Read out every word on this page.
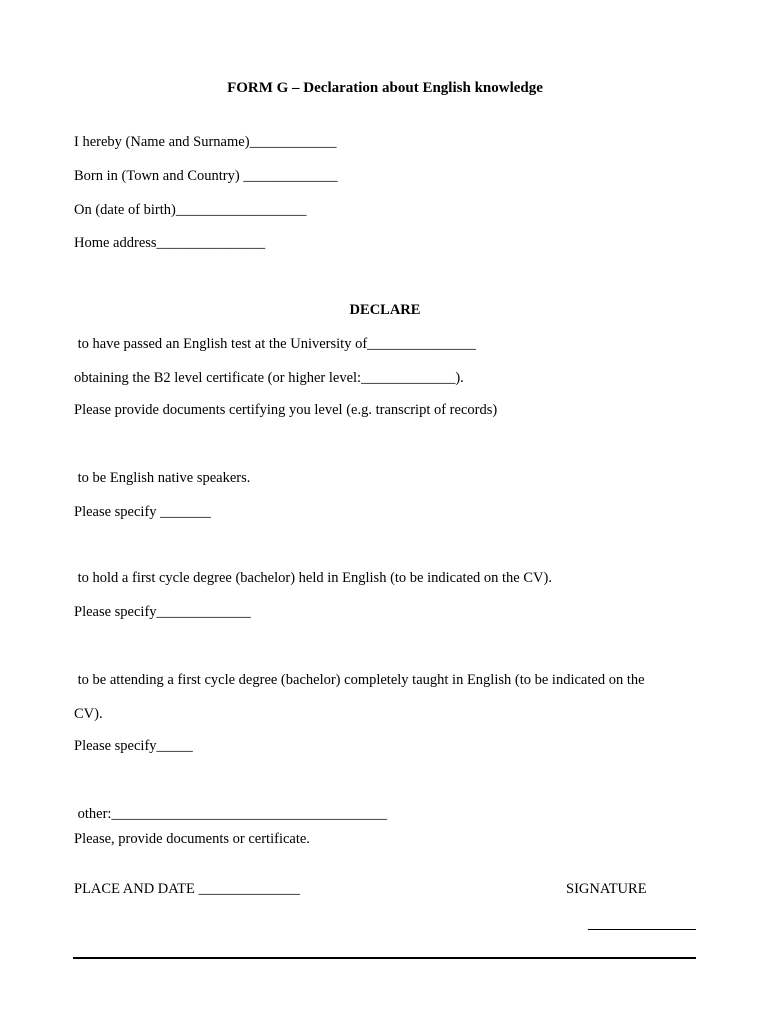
FORM G – Declaration about English knowledge
I hereby (Name and Surname)____________
Born in (Town and Country) _____________
On (date of birth)__________________
Home address_______________
DECLARE
to have passed an English test at the University of_______________
obtaining the B2 level certificate (or higher level:_____________).
Please provide documents certifying you level (e.g. transcript of records)
to be English native speakers.
Please specify _______
to hold a first cycle degree (bachelor) held in English (to be indicated on the CV).
Please specify_____________
to be attending a first cycle degree (bachelor) completely taught in English (to be indicated on the
CV).
Please specify_____
other:______________________________________
Please, provide documents or certificate.
PLACE AND DATE ______________	SIGNATURE
